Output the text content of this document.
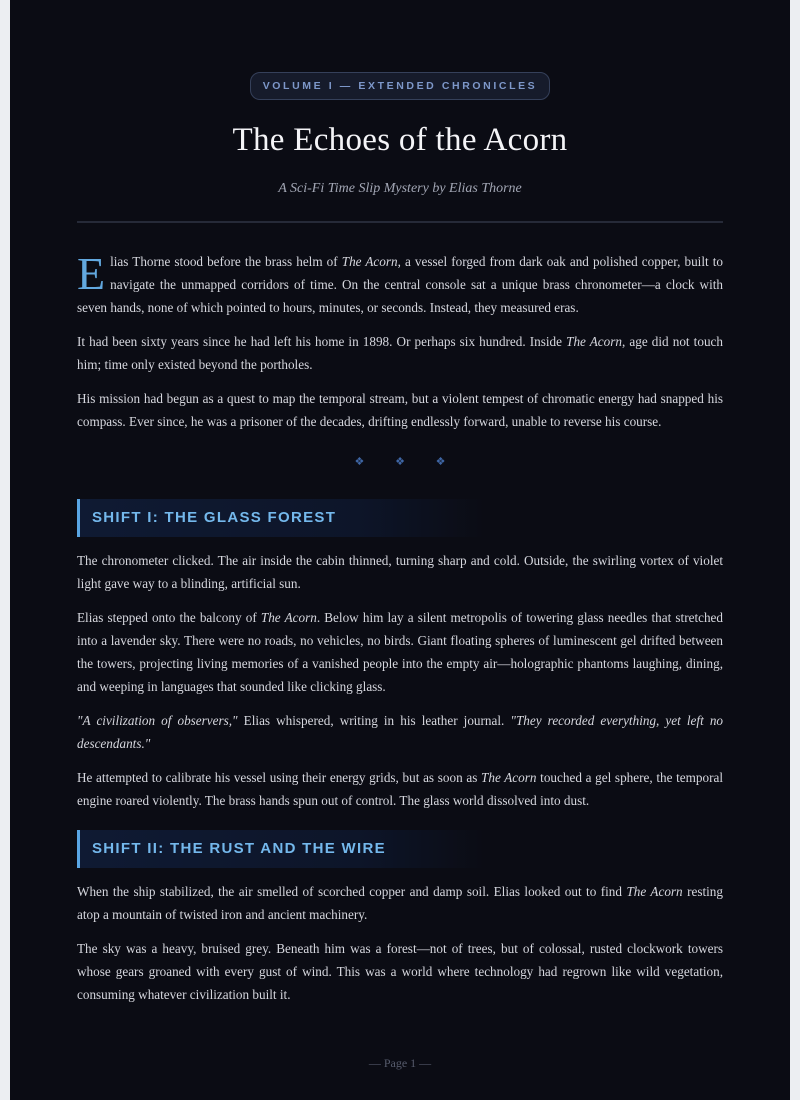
VOLUME I — EXTENDED CHRONICLES
The Echoes of the Acorn
A Sci-Fi Time Slip Mystery by Elias Thorne

Elias Thorne stood before the brass helm of The Acorn, a vessel forged from dark oak and polished copper, built to navigate the unmapped corridors of time. On the central console sat a unique brass chronometer—a clock with seven hands, none of which pointed to hours, minutes, or seconds. Instead, they measured eras.

It had been sixty years since he had left his home in 1898. Or perhaps six hundred. Inside The Acorn, age did not touch him; time only existed beyond the portholes.

His mission had begun as a quest to map the temporal stream, but a violent tempest of chromatic energy had snapped his compass. Ever since, he was a prisoner of the decades, drifting endlessly forward, unable to reverse his course.

❖ ❖ ❖
SHIFT I: THE GLASS FOREST

The chronometer clicked. The air inside the cabin thinned, turning sharp and cold. Outside, the swirling vortex of violet light gave way to a blinding, artificial sun.

Elias stepped onto the balcony of The Acorn. Below him lay a silent metropolis of towering glass needles that stretched into a lavender sky. There were no roads, no vehicles, no birds. Giant floating spheres of luminescent gel drifted between the towers, projecting living memories of a vanished people into the empty air—holographic phantoms laughing, dining, and weeping in languages that sounded like clicking glass.

"A civilization of observers," Elias whispered, writing in his leather journal. "They recorded everything, yet left no descendants."

He attempted to calibrate his vessel using their energy grids, but as soon as The Acorn touched a gel sphere, the temporal engine roared violently. The brass hands spun out of control. The glass world dissolved into dust.

SHIFT II: THE RUST AND THE WIRE

When the ship stabilized, the air smelled of scorched copper and damp soil. Elias looked out to find The Acorn resting atop a mountain of twisted iron and ancient machinery.

The sky was a heavy, bruised grey. Beneath him was a forest—not of trees, but of colossal, rusted clockwork towers whose gears groaned with every gust of wind. This was a world where technology had regrown like wild vegetation, consuming whatever civilization built it.

— Page 1 —
